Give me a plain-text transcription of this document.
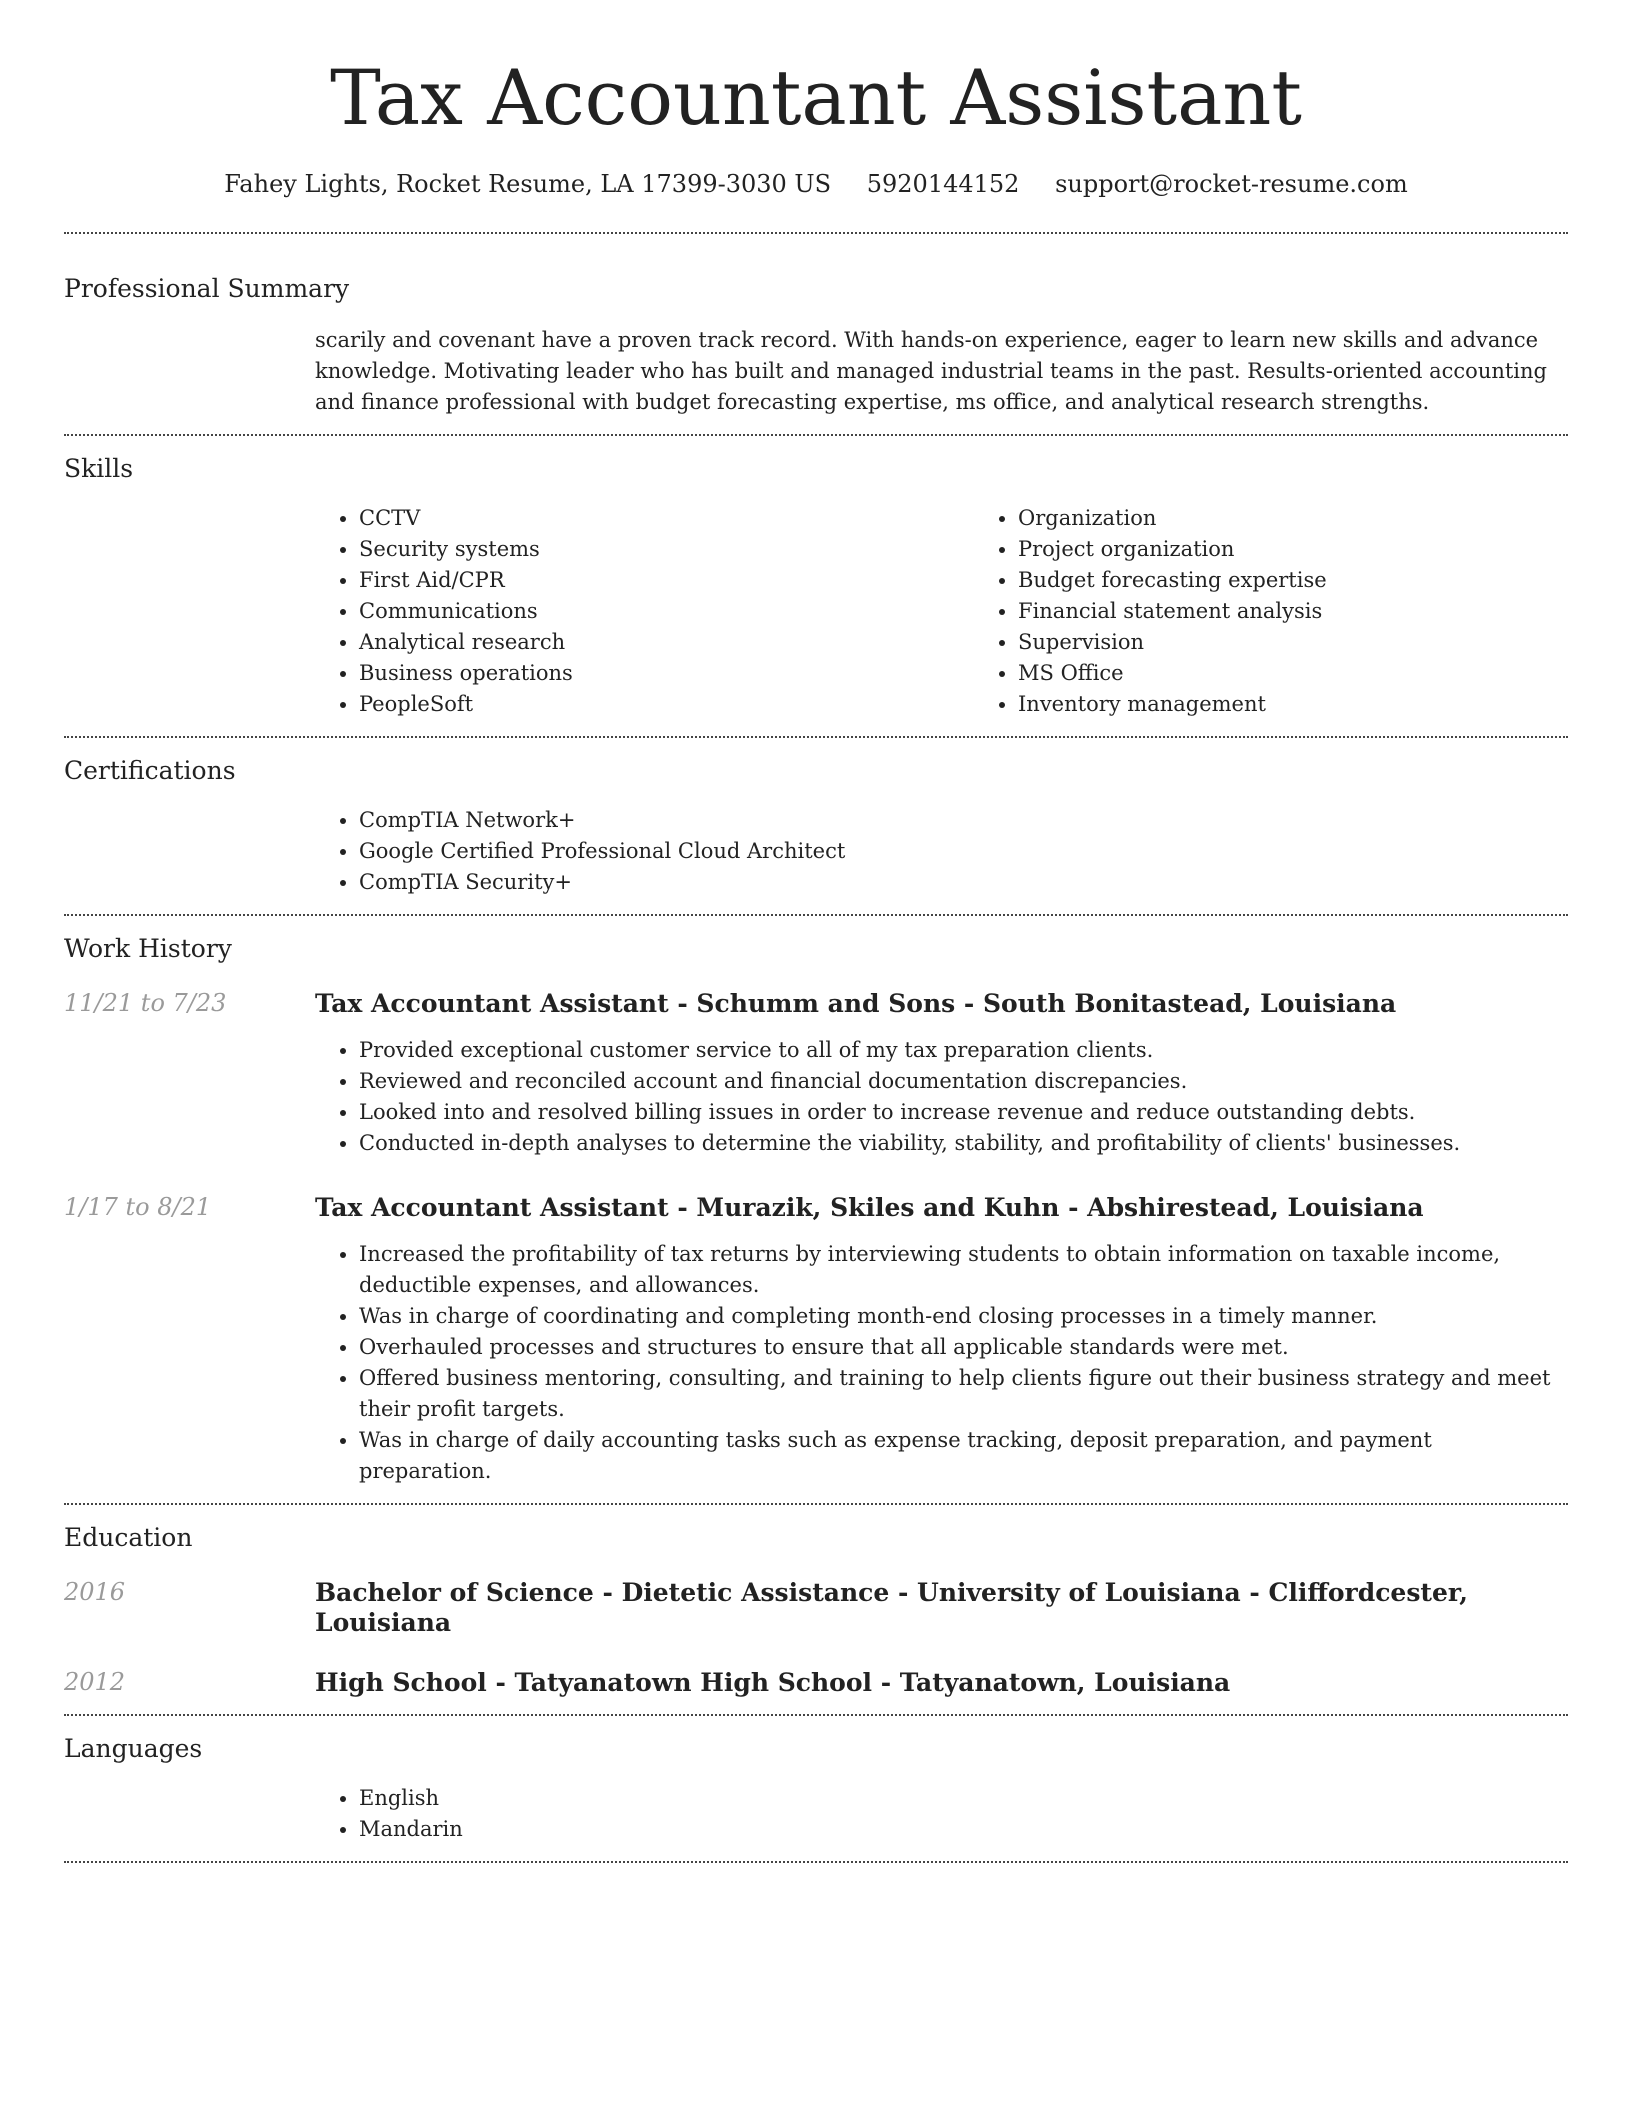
Tax Accountant Assistant
Fahey Lights, Rocket Resume, LA 17399-3030 US 5920144152 support@rocket-resume.com
Professional Summary

scarily and covenant have a proven track record. With hands-on experience, eager to learn new skills and advance knowledge. Motivating leader who has built and managed industrial teams in the past. Results-oriented accounting and finance professional with budget forecasting expertise, ms office, and analytical research strengths.

Skills
• CCTV
• Security systems
• First Aid/CPR
• Communications
• Analytical research
• Business operations
• PeopleSoft
• Organization
• Project organization
• Budget forecasting expertise
• Financial statement analysis
• Supervision
• MS Office
• Inventory management
Certifications
• CompTIA Network+
• Google Certified Professional Cloud Architect
• CompTIA Security+
Work History
11/21 to 7/23	Tax Accountant Assistant - Schumm and Sons - South Bonitastead, Louisiana
• Provided exceptional customer service to all of my tax preparation clients.
• Reviewed and reconciled account and financial documentation discrepancies.
• Looked into and resolved billing issues in order to increase revenue and reduce outstanding debts.
• Conducted in-depth analyses to determine the viability, stability, and profitability of clients' businesses.
1/17 to 8/21	Tax Accountant Assistant - Murazik, Skiles and Kuhn - Abshirestead, Louisiana
• Increased the profitability of tax returns by interviewing students to obtain information on taxable income, deductible expenses, and allowances.
• Was in charge of coordinating and completing month-end closing processes in a timely manner.
• Overhauled processes and structures to ensure that all applicable standards were met.
• Offered business mentoring, consulting, and training to help clients figure out their business strategy and meet their profit targets.
• Was in charge of daily accounting tasks such as expense tracking, deposit preparation, and payment preparation.
Education
2016	Bachelor of Science - Dietetic Assistance - University of Louisiana - Cliffordcester, Louisiana
2012	High School - Tatyanatown High School - Tatyanatown, Louisiana
Languages
• English
• Mandarin
